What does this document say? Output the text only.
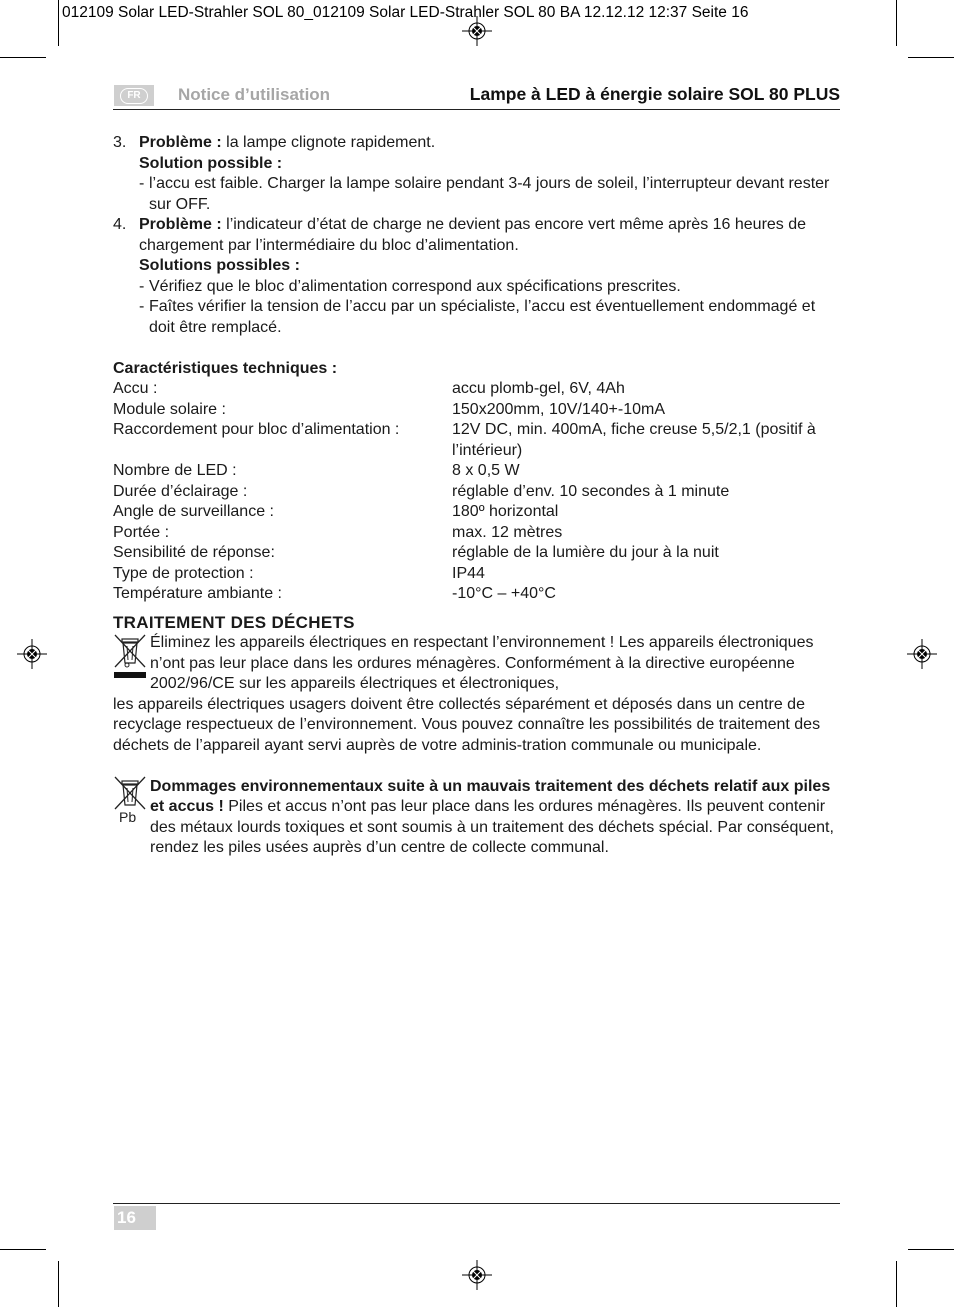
012109 Solar LED-Strahler SOL 80_012109 Solar LED-Strahler SOL 80 BA 12.12.12 12:37 Seite 16
FR	Notice d’utilisation	Lampe à LED à énergie solaire SOL 80 PLUS
3. Problème : la lampe clignote rapidement.
Solution possible :
- l’accu est faible. Charger la lampe solaire pendant 3-4 jours de soleil, l’interrupteur devant rester sur OFF.
4. Problème : l’indicateur d’état de charge ne devient pas encore vert même après 16 heures de chargement par l’intermédiaire du bloc d’alimentation.
Solutions possibles :
- Vérifiez que le bloc d’alimentation correspond aux spécifications prescrites.
- Faîtes vérifier la tension de l’accu par un spécialiste, l’accu est éventuellement endommagé et doit être remplacé.
Caractéristiques techniques :
Accu :	accu plomb-gel, 6V, 4Ah
Module solaire :	150x200mm, 10V/140+-10mA
Raccordement pour bloc d’alimentation :	12V DC, min. 400mA, fiche creuse 5,5/2,1 (positif à l’intérieur)
Nombre de LED :	8 x 0,5 W
Durée d’éclairage :	réglable d’env. 10 secondes à 1 minute
Angle de surveillance :	180º horizontal
Portée :	max. 12 mètres
Sensibilité de réponse:	réglable de la lumière du jour à la nuit
Type de protection :	IP44
Température ambiante :	-10°C – +40°C
TRAITEMENT DES DÉCHETS
Éliminez les appareils électriques en respectant l’environnement ! Les appareils électroniques n’ont pas leur place dans les ordures ménagères. Conformément à la directive européenne 2002/96/CE sur les appareils électriques et électroniques,
les appareils électriques usagers doivent être collectés séparément et déposés dans un centre de recyclage respectueux de l’environnement. Vous pouvez connaître les possibilités de traitement des déchets de l’appareil ayant servi auprès de votre adminis-tration communale ou municipale.
Pb
Dommages environnementaux suite à un mauvais traitement des déchets relatif aux piles et accus ! Piles et accus n’ont pas leur place dans les ordures ménagères. Ils peuvent contenir des métaux lourds toxiques et sont soumis à un traitement des déchets spécial. Par conséquent, rendez les piles usées auprès d’un centre de collecte communal.
16
